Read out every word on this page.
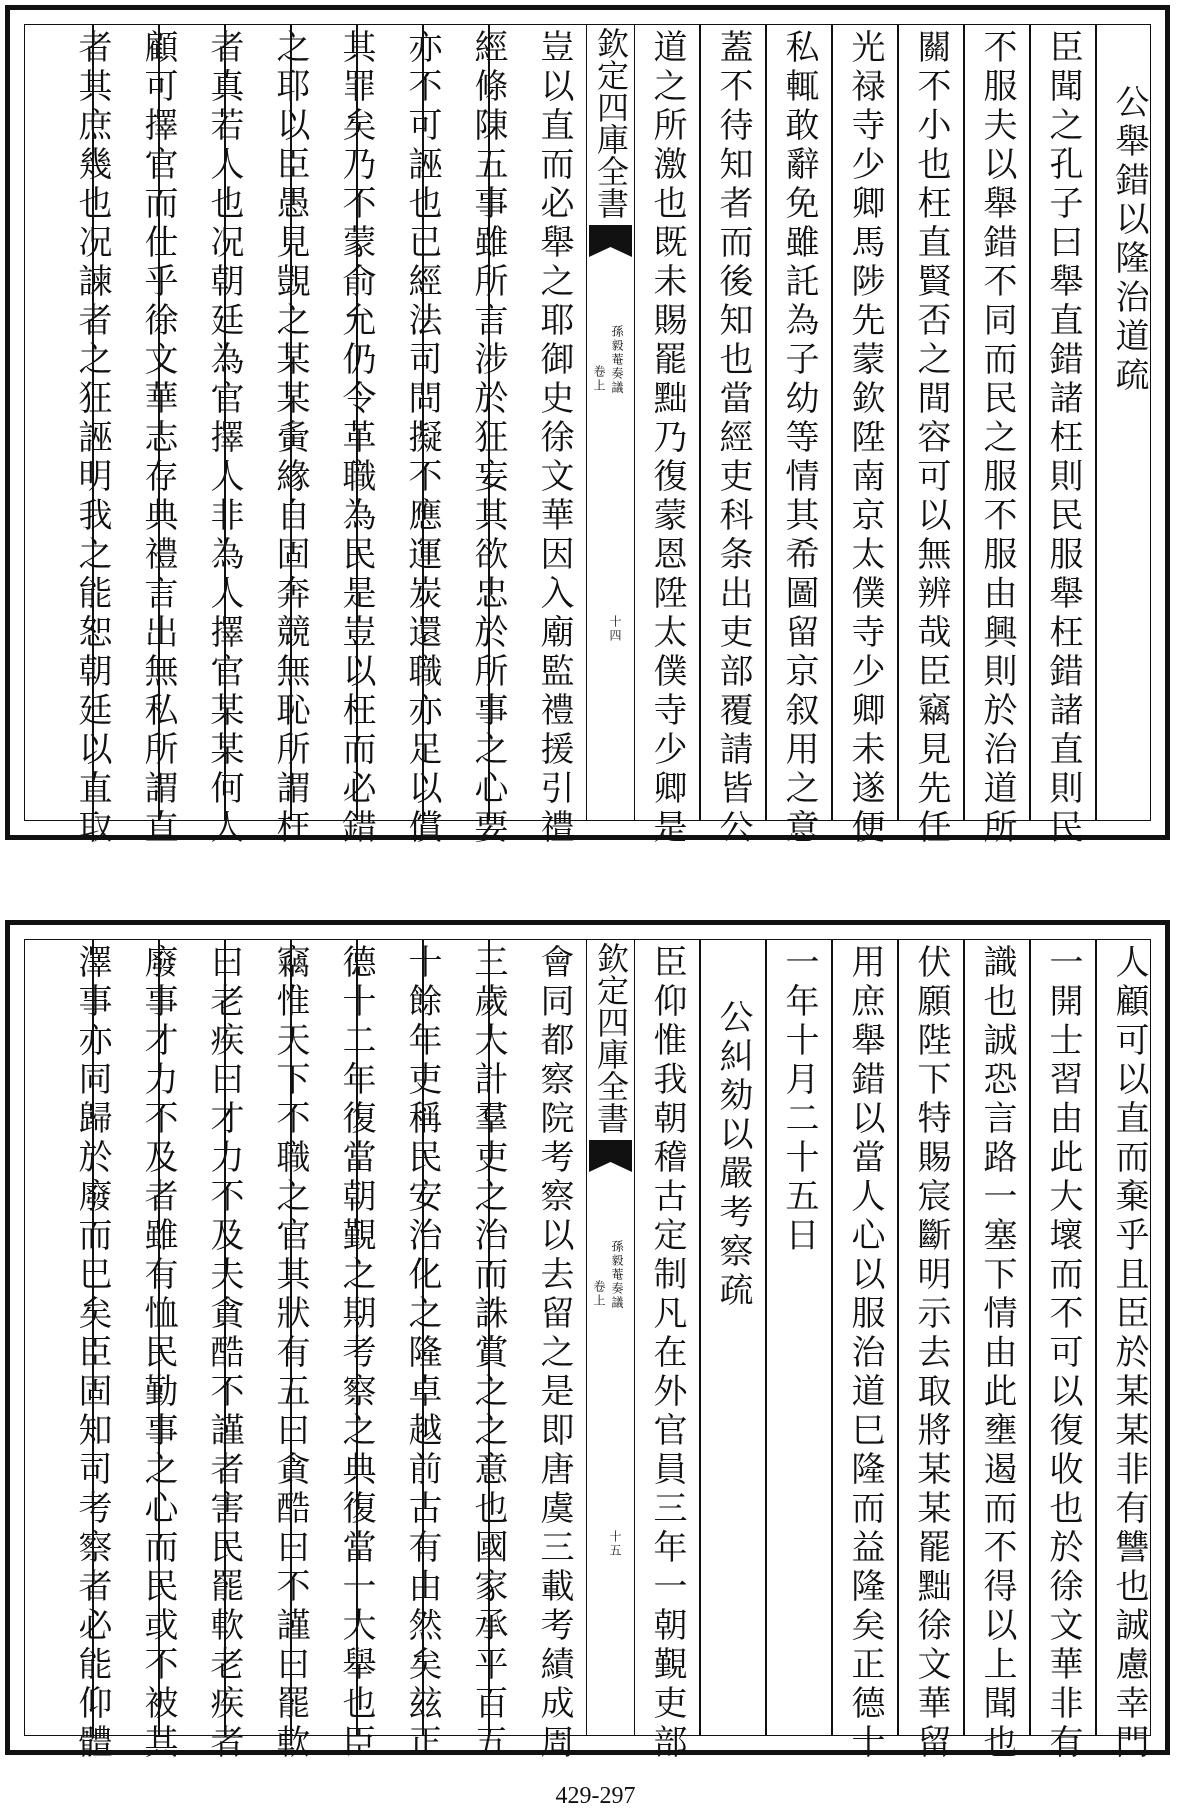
欽定四庫全書
孫毅菴奏議
卷上
十四
公舉錯以隆治道疏
臣聞之孔子曰舉直錯諸枉則民服舉枉錯諸直則民
不服夫以舉錯不同而民之服不服由興則於治道所
關不小也枉直賢否之間容可以無辨哉臣竊見先任
光禄寺少卿馬陟先蒙欽陞南京太僕寺少卿未遂便
私輒敢辭免雖託為子幼等情其希圖留京叙用之意
蓋不待知者而後知也當經吏科条出吏部覆請皆公
道之所激也既未賜罷黜乃復蒙恩陞太僕寺少卿是
豈以直而必舉之耶御史徐文華因入廟監禮援引禮
經條陳五事雖所言涉於狂妄其欲忠於所事之心要
亦不可誣也已經法司問擬不應運炭還職亦足以償
其罪矣乃不蒙俞允仍令革職為民是豈以枉而必錯
之耶以臣愚見覬之某某夤緣自固奔競無恥所謂枉
者真若人也况朝廷為官擇人非為人擇官某某何人
顧可擇官而仕乎徐文華志存典禮言出無私所謂直
者其庶幾也况諫者之狂誣明我之能恕朝廷以直取
欽定四庫全書
孫毅菴奏議
卷上
十五	人顧可以直而棄乎且臣於某某非有讐也誠慮幸門
一開士習由此大壞而不可以復收也於徐文華非有
識也誠恐言路一塞下情由此壅遏而不得以上聞也
伏願陛下特賜宸斷明示去取將某某罷黜徐文華留
用庶舉錯以當人心以服治道巳隆而益隆矣正德十
一年十月二十五日
公糾劾以嚴考察疏
臣仰惟我朝稽古定制凡在外官員三年一朝覲吏部
會同都察院考察以去留之是即唐虞三載考績成周
三歲大計羣吏之治而誅賞之之意也國家承平百五
十餘年吏稱民安治化之隆卓越前古有由然矣玆正
德十二年復當朝覲之期考察之典復當一大舉也臣
竊惟天下不職之官其狀有五曰貪酷曰不謹曰罷軟
曰老疾曰才力不及夫貪酷不謹者害民罷軟老疾者
廢事才力不及者雖有恤民勤事之心而民或不被其
澤事亦同歸於廢而巳矣臣固知司考察者必能仰體
429-297
